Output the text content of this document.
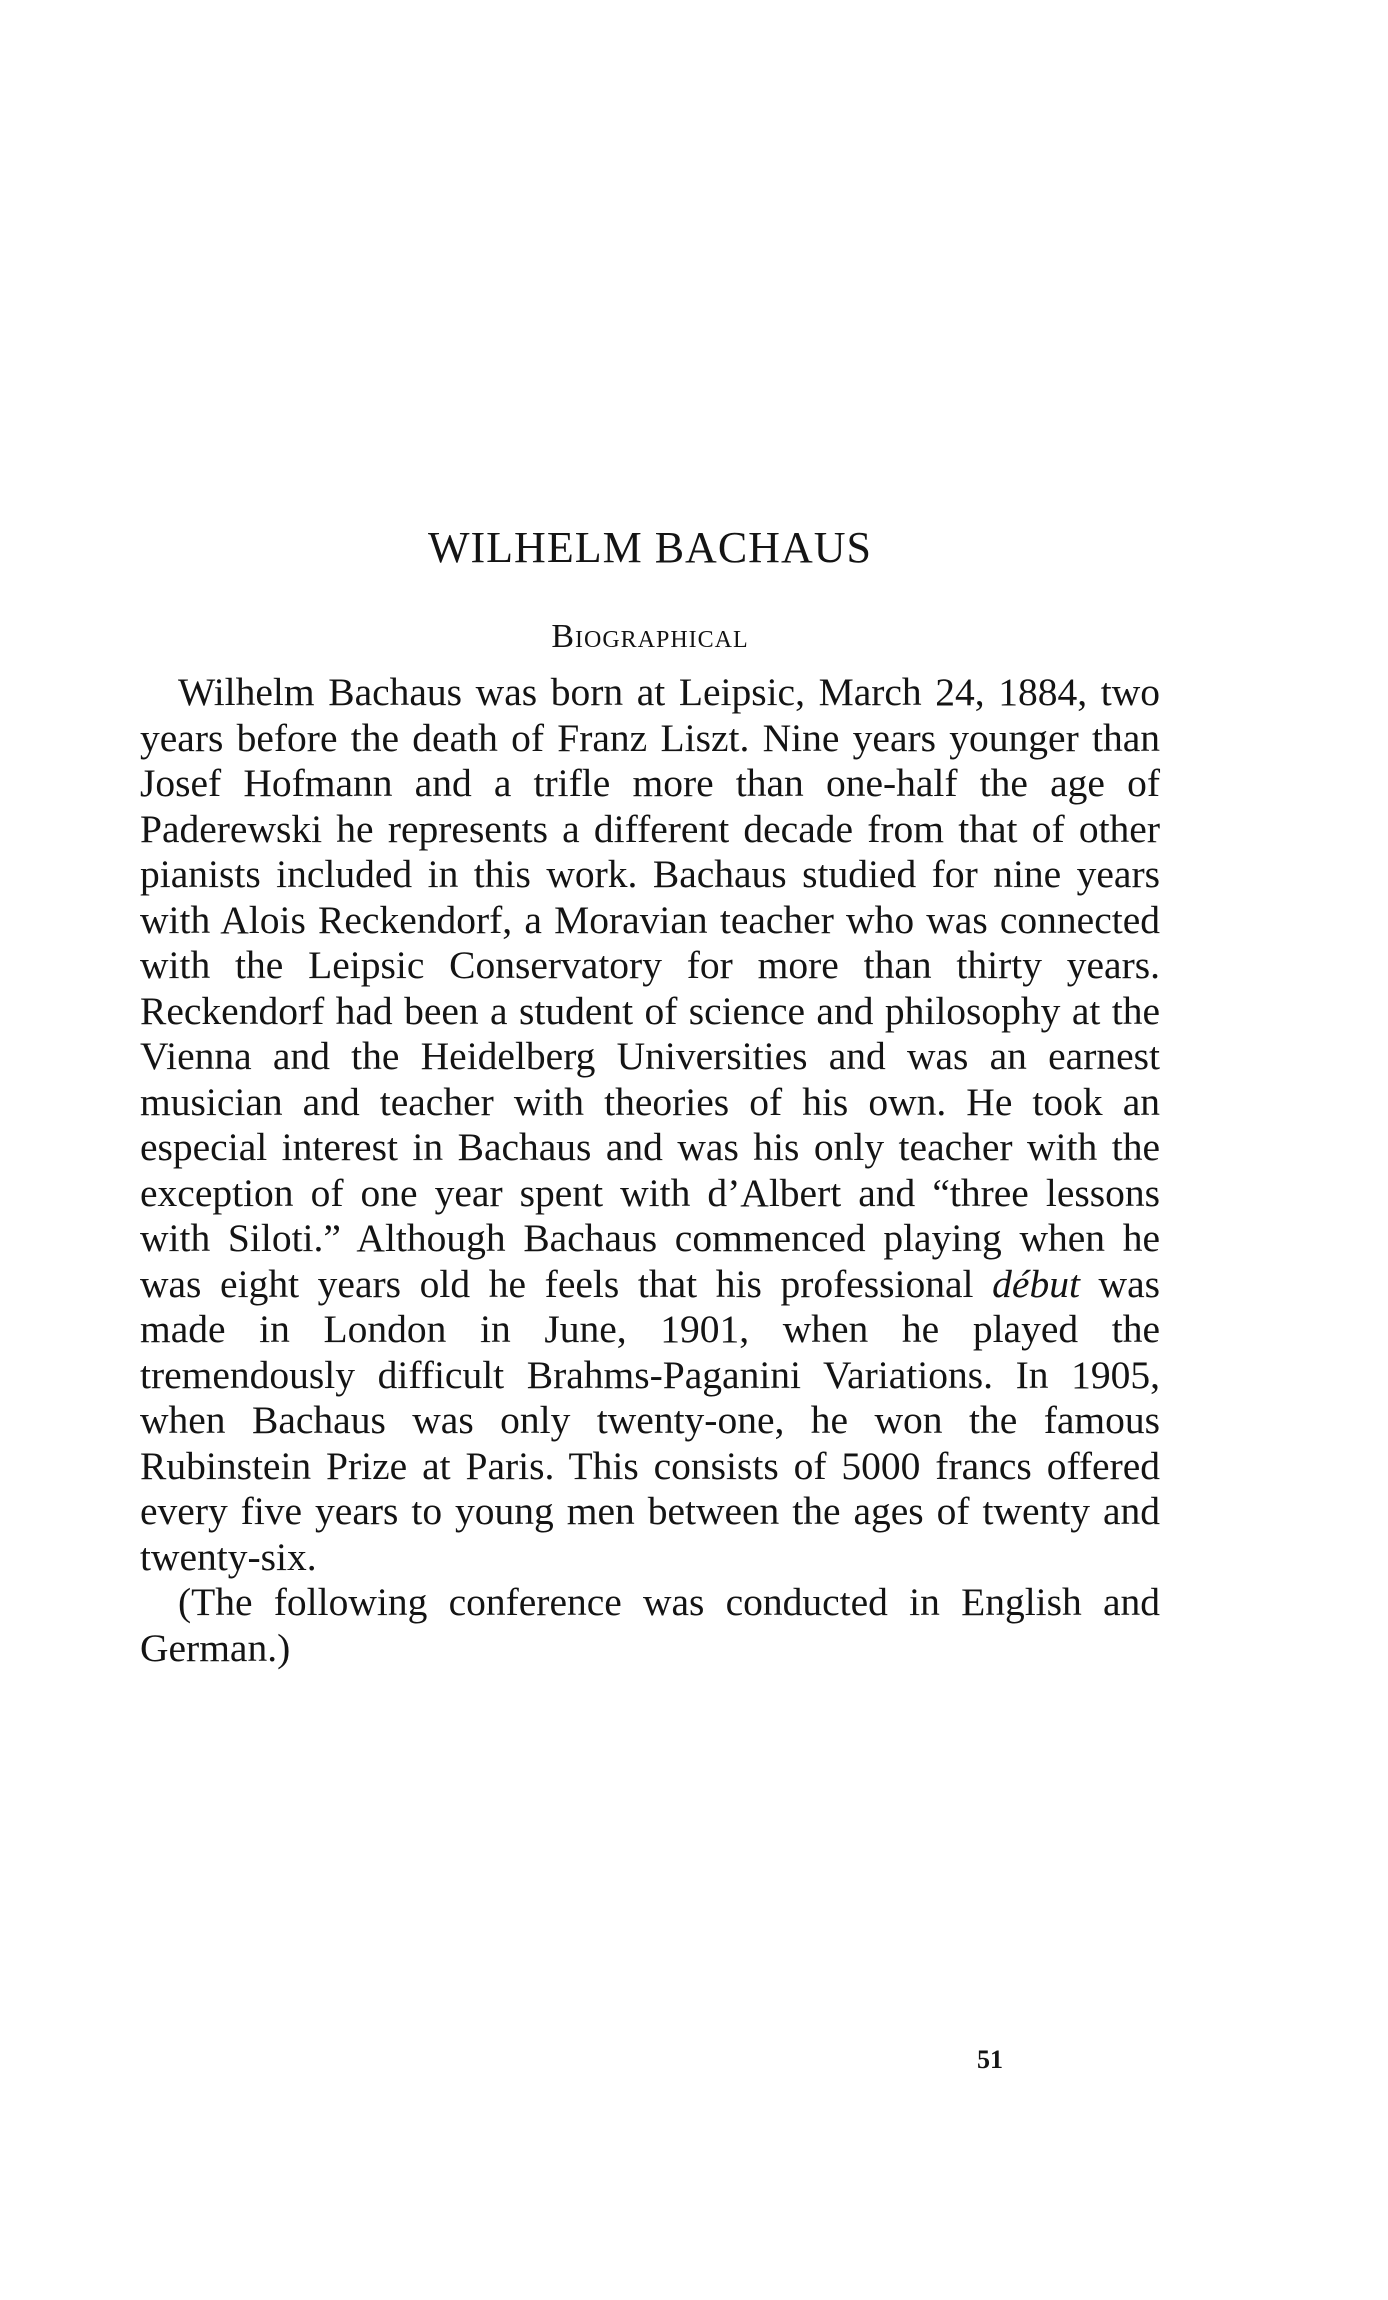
WILHELM BACHAUS
Biographical

Wilhelm Bachaus was born at Leipsic, March 24, 1884, two years before the death of Franz Liszt. Nine years younger than Josef Hofmann and a trifle more than one-half the age of Paderewski he represents a different decade from that of other pianists included in this work. Bachaus studied for nine years with Alois Reckendorf, a Moravian teacher who was connected with the Leipsic Conservatory for more than thirty years. Reckendorf had been a student of science and philosophy at the Vienna and the Heidelberg Universities and was an earnest musician and teacher with theories of his own. He took an especial interest in Bachaus and was his only teacher with the exception of one year spent with d’Albert and “three lessons with Siloti.” Although Bachaus commenced playing when he was eight years old he feels that his professional début was made in London in June, 1901, when he played the tremendously difficult Brahms-Paganini Variations. In 1905, when Bachaus was only twenty-one, he won the famous Rubinstein Prize at Paris. This consists of 5000 francs offered every five years to young men between the ages of twenty and twenty-six.

(The following conference was conducted in English and German.)

51
